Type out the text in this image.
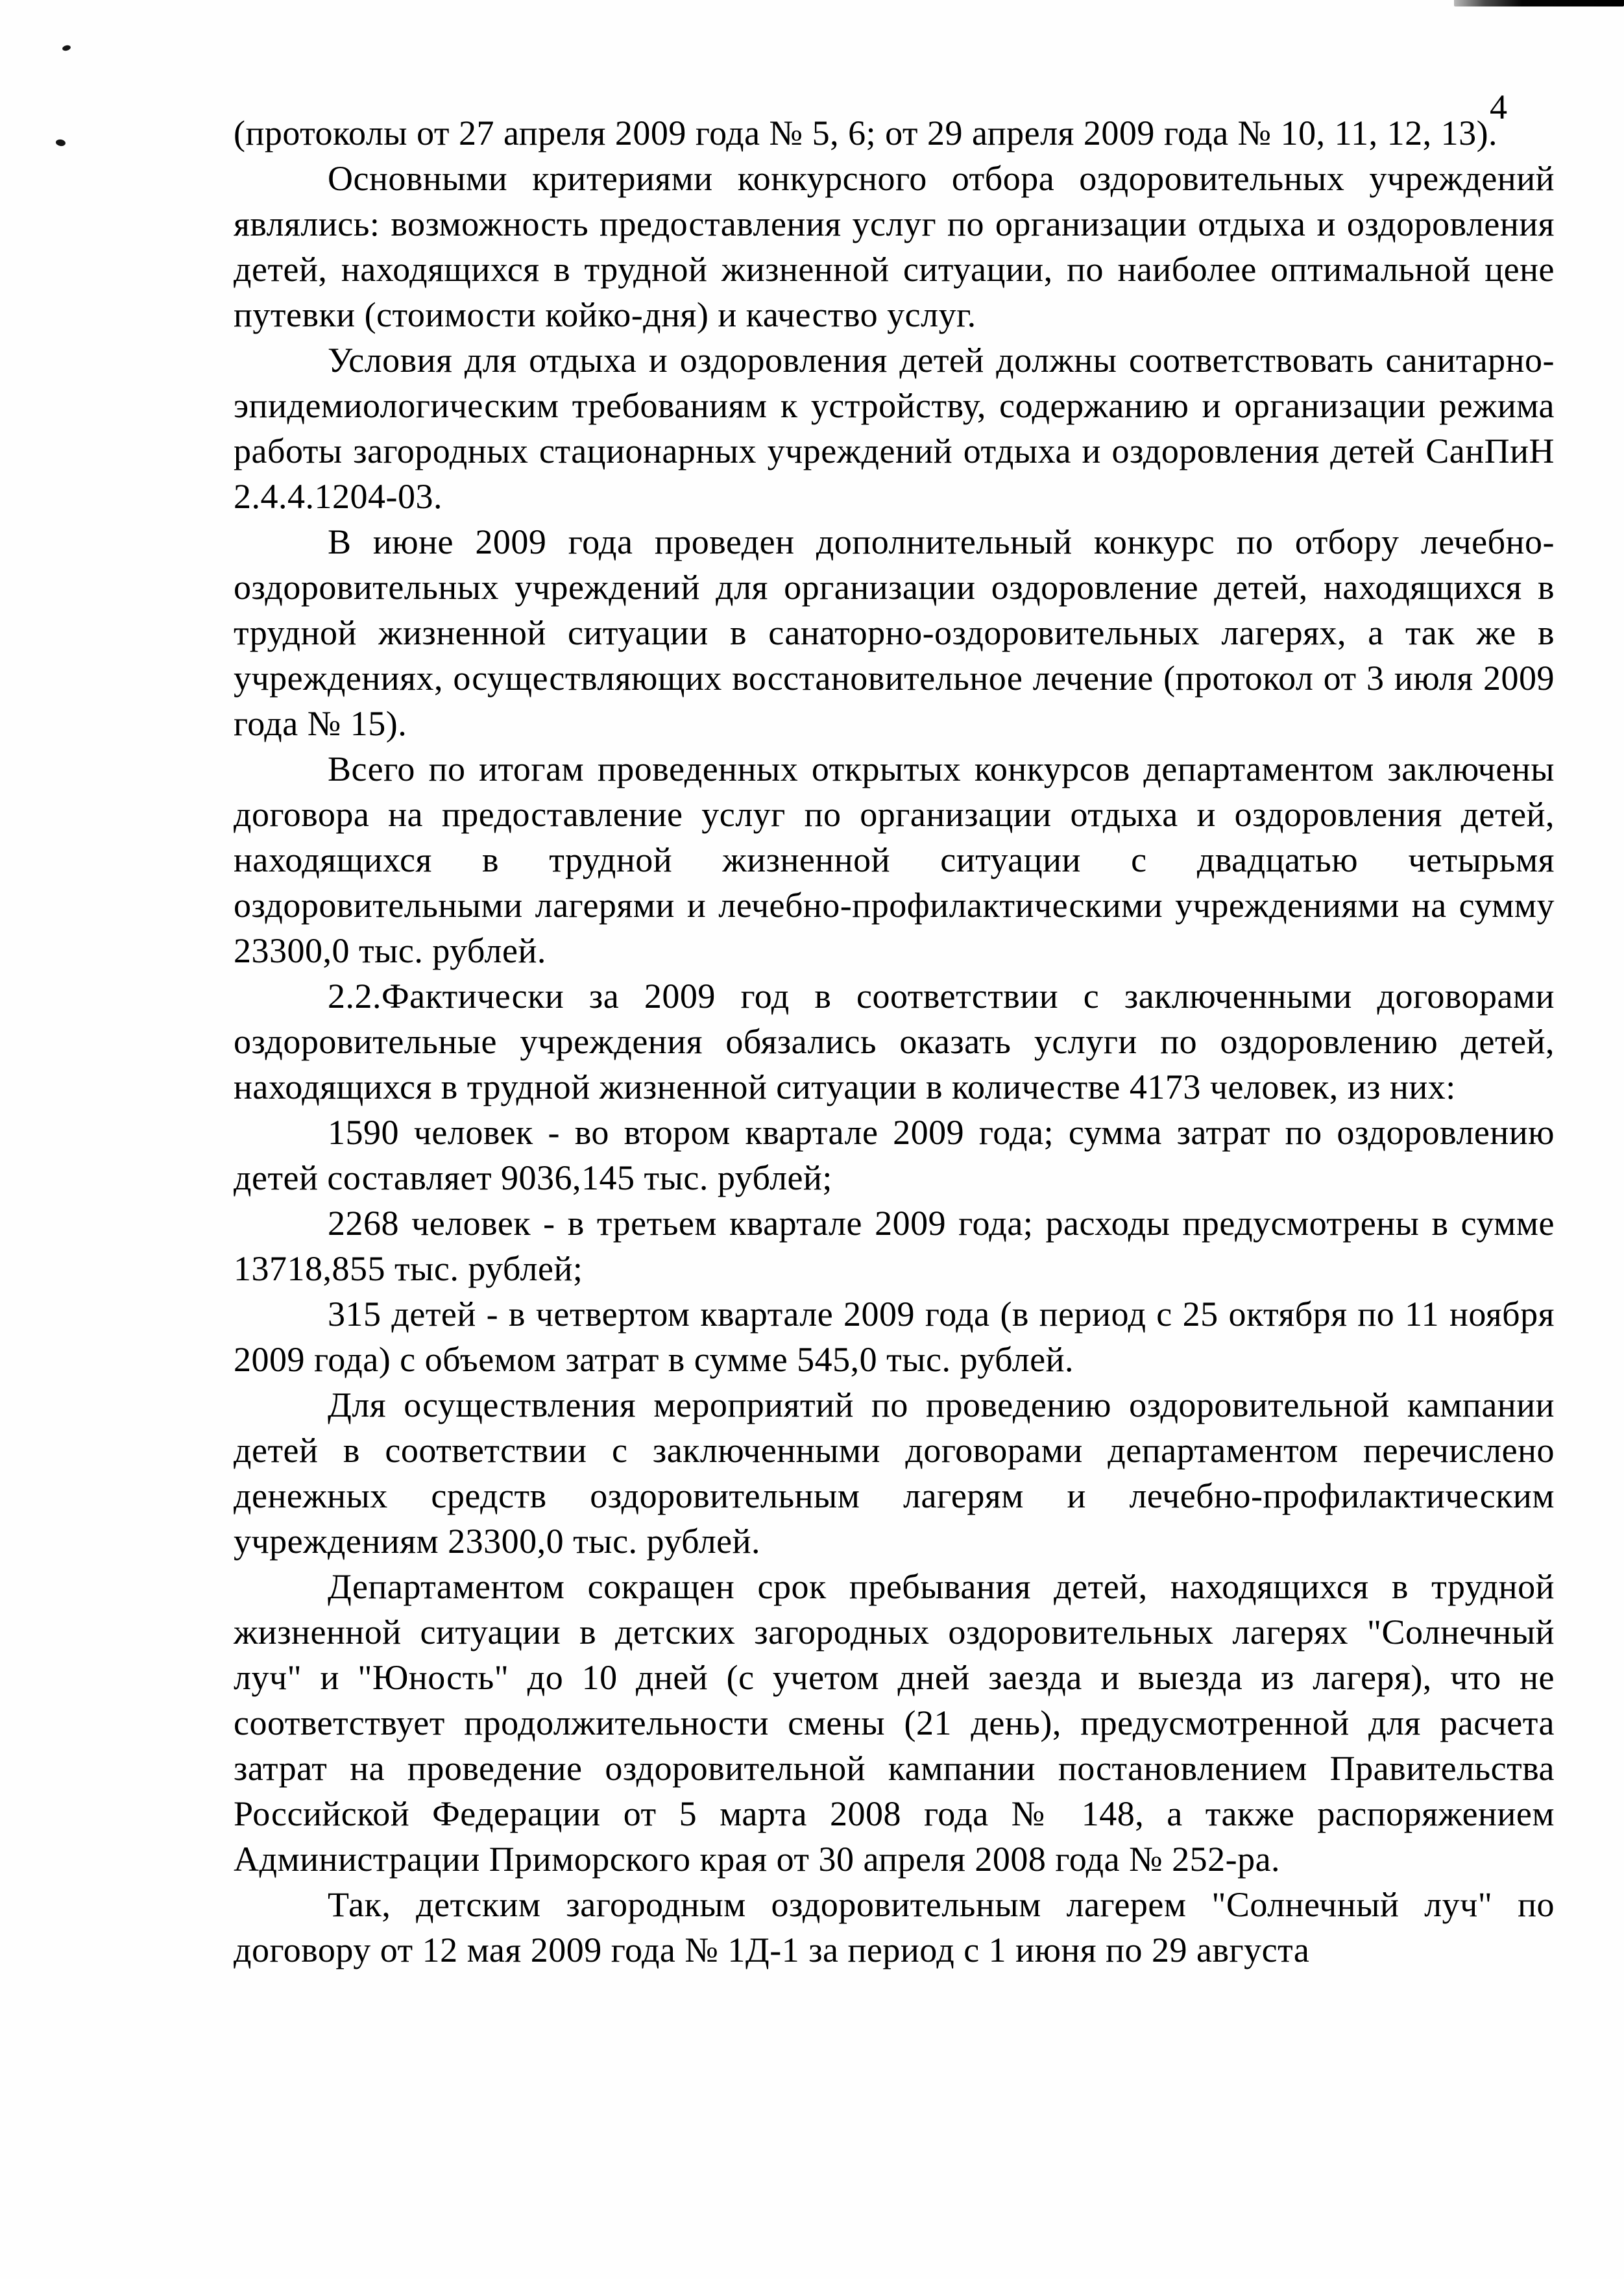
4

(протоколы от 27 апреля 2009 года № 5, 6; от 29 апреля 2009 года № 10, 11, 12, 13).

Основными критериями конкурсного отбора оздоровительных учреждений являлись: возможность предоставления услуг по организации отдыха и оздоровления детей, находящихся в трудной жизненной ситуации, по наиболее оптимальной цене путевки (стоимости койко-дня) и качество услуг.

Условия для отдыха и оздоровления детей должны соответствовать санитарно-эпидемиологическим требованиям к устройству, содержанию и организации режима работы загородных стационарных учреждений отдыха и оздоровления детей СанПиН 2.4.4.1204-03.

В июне 2009 года проведен дополнительный конкурс по отбору лечебно-оздоровительных учреждений для организации оздоровление детей, находящихся в трудной жизненной ситуации в санаторно-оздоровительных лагерях, а так же в учреждениях, осуществляющих восстановительное лечение (протокол от 3 июля 2009 года № 15).

Всего по итогам проведенных открытых конкурсов департаментом заключены договора на предоставление услуг по организации отдыха и оздоровления детей, находящихся в трудной жизненной ситуации с двадцатью четырьмя оздоровительными лагерями и лечебно-профилактическими учреждениями на сумму 23300,0 тыс. рублей.

2.2.Фактически за 2009 год в соответствии с заключенными договорами оздоровительные учреждения обязались оказать услуги по оздоровлению детей, находящихся в трудной жизненной ситуации в количестве 4173 человек, из них:

1590 человек - во втором квартале 2009 года; сумма затрат по оздоровлению детей составляет 9036,145 тыс. рублей;

2268 человек - в третьем квартале 2009 года; расходы предусмотрены в сумме 13718,855 тыс. рублей;

315 детей - в четвертом квартале 2009 года (в период с 25 октября по 11 ноября 2009 года) с объемом затрат в сумме 545,0 тыс. рублей.

Для осуществления мероприятий по проведению оздоровительной кампании детей в соответствии с заключенными договорами департаментом перечислено денежных средств оздоровительным лагерям и лечебно-профилактическим учреждениям 23300,0 тыс. рублей.

Департаментом сокращен срок пребывания детей, находящихся в трудной жизненной ситуации в детских загородных оздоровительных лагерях "Солнечный луч" и "Юность" до 10 дней (с учетом дней заезда и выезда из лагеря), что не соответствует продолжительности смены (21 день), предусмотренной для расчета затрат на проведение оздоровительной кампании постановлением Правительства Российской Федерации от 5 марта 2008 года № 148, а также распоряжением Администрации Приморского края от 30 апреля 2008 года № 252-ра.

Так, детским загородным оздоровительным лагерем "Солнечный луч" по договору от 12 мая 2009 года № 1Д-1 за период с 1 июня по 29 августа
